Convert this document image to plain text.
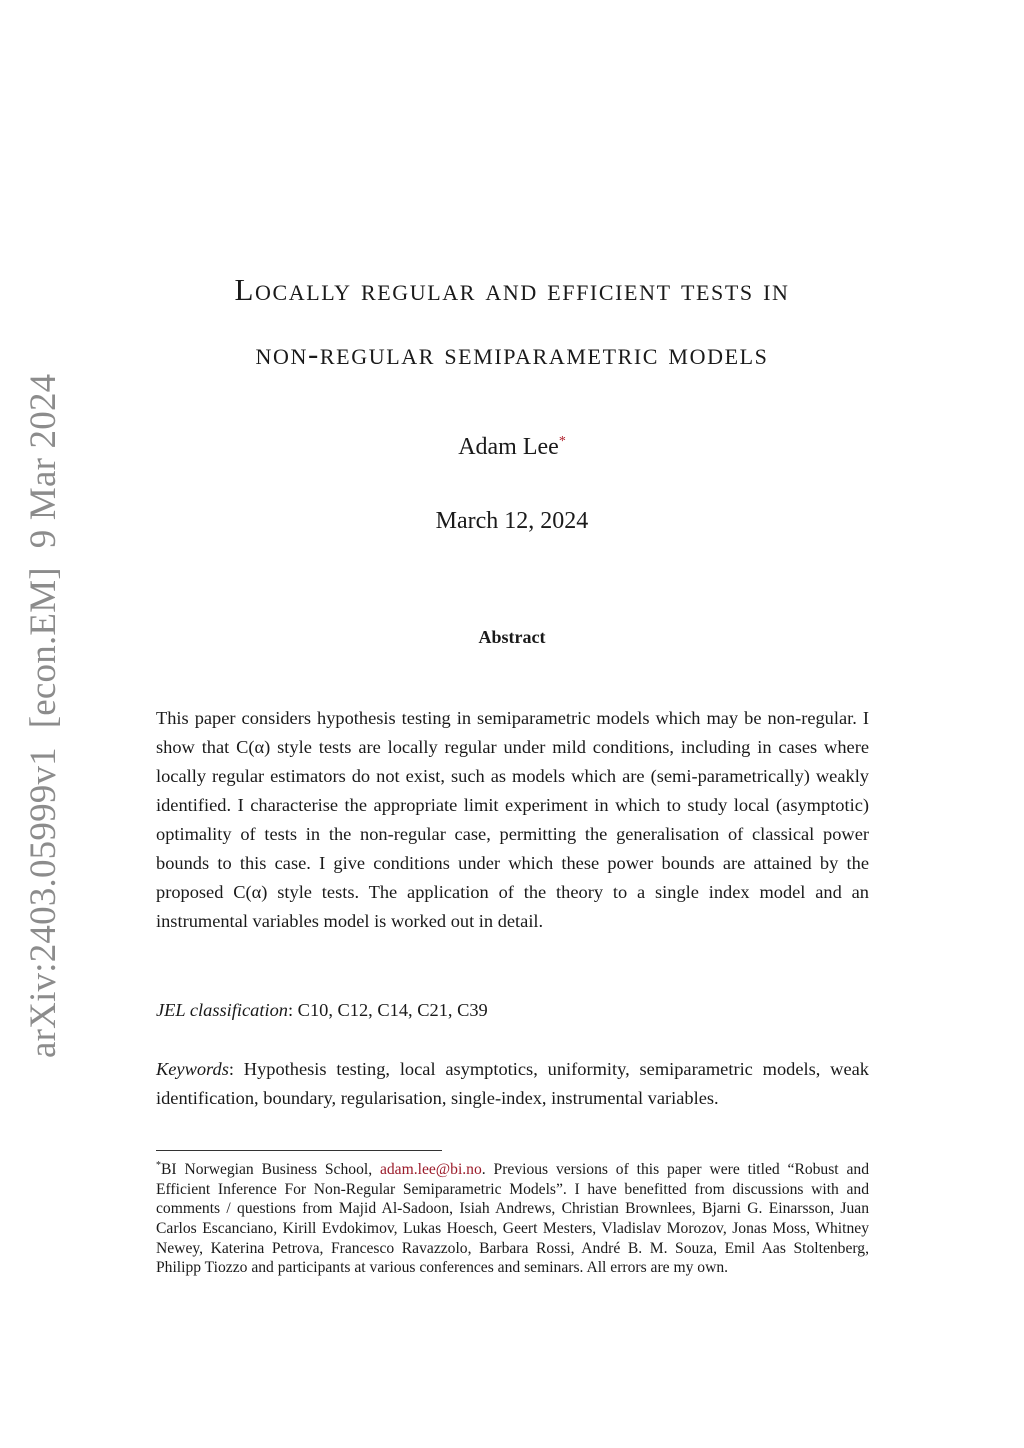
arXiv:2403.05999v1  [econ.EM]  9 Mar 2024
Locally regular and efficient tests in
non-regular semiparametric models
Adam Lee*
March 12, 2024
Abstract

This paper considers hypothesis testing in semiparametric models which may be non-regular. I show that C(α) style tests are locally regular under mild conditions, including in cases where locally regular estimators do not exist, such as models which are (semi-parametrically) weakly identified. I characterise the appropriate limit experiment in which to study local (asymptotic) optimality of tests in the non-regular case, permitting the generalisation of classical power bounds to this case. I give conditions under which these power bounds are attained by the proposed C(α) style tests. The application of the theory to a single index model and an instrumental variables model is worked out in detail.

JEL classification: C10, C12, C14, C21, C39

Keywords: Hypothesis testing, local asymptotics, uniformity, semiparametric models, weak identification, boundary, regularisation, single-index, instrumental variables.

*BI Norwegian Business School, adam.lee@bi.no. Previous versions of this paper were titled “Robust and Efficient Inference For Non-Regular Semiparametric Models”. I have benefitted from discussions with and comments / questions from Majid Al-Sadoon, Isiah Andrews, Christian Brownlees, Bjarni G. Einarsson, Juan Carlos Escanciano, Kirill Evdokimov, Lukas Hoesch, Geert Mesters, Vladislav Morozov, Jonas Moss, Whitney Newey, Katerina Petrova, Francesco Ravazzolo, Barbara Rossi, André B. M. Souza, Emil Aas Stoltenberg, Philipp Tiozzo and participants at various conferences and seminars. All errors are my own.
